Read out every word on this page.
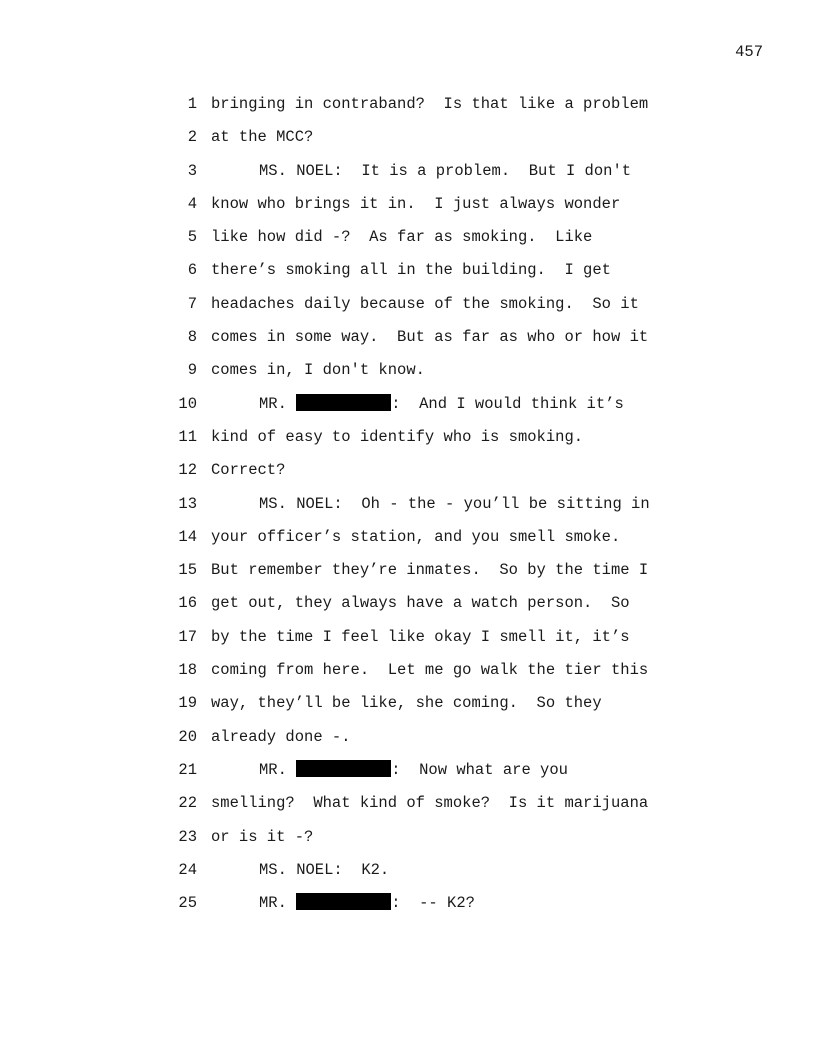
457
1 bringing in contraband?  Is that like a problem
2 at the MCC?
3	MS. NOEL:  It is a problem.  But I don't
4 know who brings it in.  I just always wonder
5 like how did -?  As far as smoking.  Like
6 there’s smoking all in the building.  I get
7 headaches daily because of the smoking.  So it
8 comes in some way.  But as far as who or how it
9 comes in, I don't know.
10	MR.	:  And I would think it’s
11 kind of easy to identify who is smoking.
12 Correct?
13	MS. NOEL:  Oh - the - you’ll be sitting in
14 your officer’s station, and you smell smoke.
15 But remember they’re inmates.  So by the time I
16 get out, they always have a watch person.  So
17 by the time I feel like okay I smell it, it’s
18 coming from here.  Let me go walk the tier this
19 way, they’ll be like, she coming.  So they
20 already done -.
21	MR.	:  Now what are you
22 smelling?  What kind of smoke?  Is it marijuana
23 or is it -?
24	MS. NOEL:  K2.
25	MR.	:  -- K2?
